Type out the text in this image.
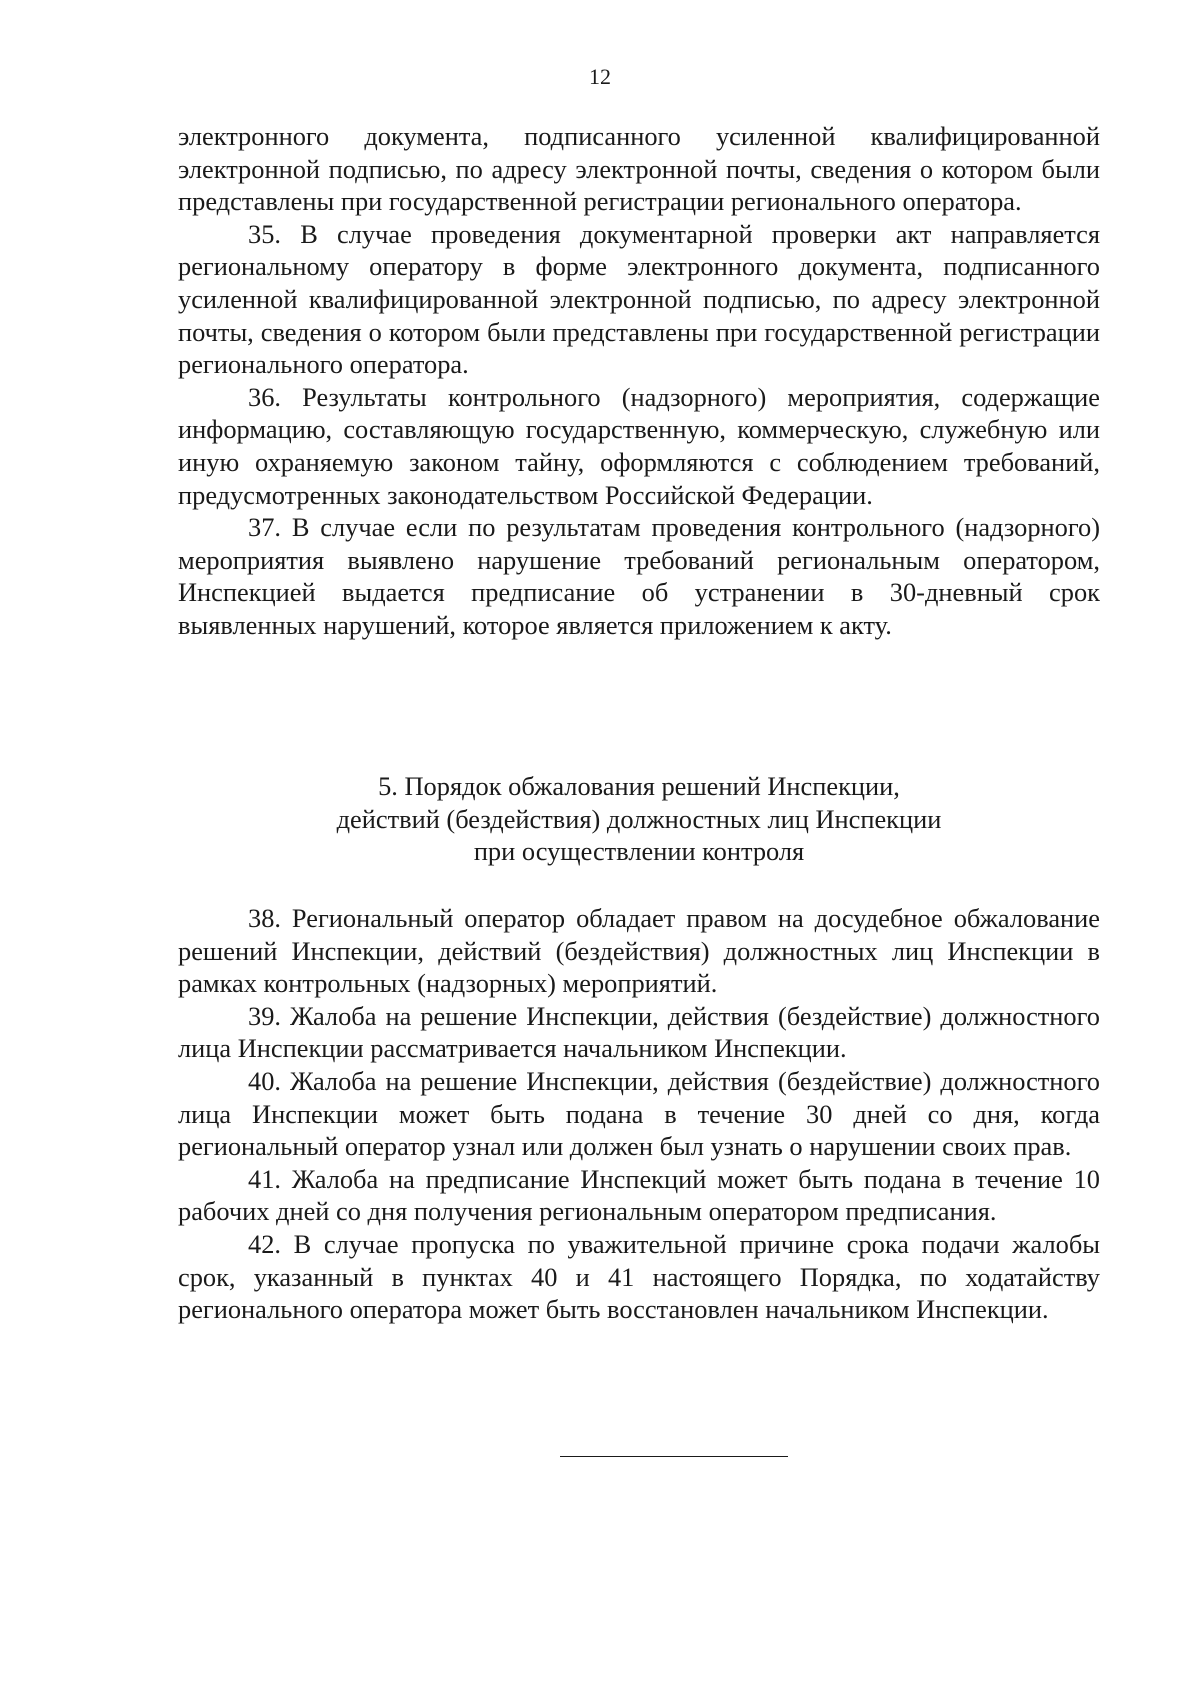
12

электронного документа, подписанного усиленной квалифицированной электронной подписью, по адресу электронной почты, сведения о котором были представлены при государственной регистрации регионального оператора.

35. В случае проведения документарной проверки акт направляется региональному оператору в форме электронного документа, подписанного усиленной квалифицированной электронной подписью, по адресу электронной почты, сведения о котором были представлены при государственной регистрации регионального оператора.

36. Результаты контрольного (надзорного) мероприятия, содержащие информацию, составляющую государственную, коммерческую, служебную или иную охраняемую законом тайну, оформляются с соблюдением требований, предусмотренных законодательством Российской Федерации.

37. В случае если по результатам проведения контрольного (надзорного) мероприятия выявлено нарушение требований региональным оператором, Инспекцией выдается предписание об устранении в 30-дневный срок выявленных нарушений, которое является приложением к акту.

5. Порядок обжалования решений Инспекции,
действий (бездействия) должностных лиц Инспекции
при осуществлении контроля

38. Региональный оператор обладает правом на досудебное обжалование решений Инспекции, действий (бездействия) должностных лиц Инспекции в рамках контрольных (надзорных) мероприятий.

39. Жалоба на решение Инспекции, действия (бездействие) должностного лица Инспекции рассматривается начальником Инспекции.

40. Жалоба на решение Инспекции, действия (бездействие) должностного лица Инспекции может быть подана в течение 30 дней со дня, когда региональный оператор узнал или должен был узнать о нарушении своих прав.

41. Жалоба на предписание Инспекций может быть подана в течение 10 рабочих дней со дня получения региональным оператором предписания.

42. В случае пропуска по уважительной причине срока подачи жалобы срок, указанный в пунктах 40 и 41 настоящего Порядка, по ходатайству регионального оператора может быть восстановлен начальником Инспекции.
